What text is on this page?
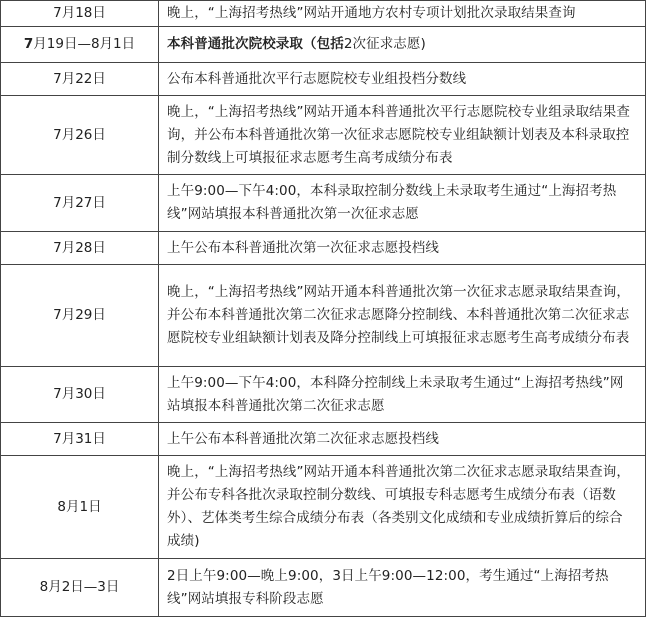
7月18日	晚上，“上海招考热线”网站开通地方农村专项计划批次录取结果查询
7月19日—8月1日	本科普通批次院校录取（包括2次征求志愿)
7月22日	公布本科普通批次平行志愿院校专业组投档分数线
7月26日	晚上，“上海招考热线”网站开通本科普通批次平行志愿院校专业组录取结果查询，并公布本科普通批次第一次征求志愿院校专业组缺额计划表及本科录取控制分数线上可填报征求志愿考生高考成绩分布表
7月27日	上午9:00—下午4:00，本科录取控制分数线上未录取考生通过“上海招考热线”网站填报本科普通批次第一次征求志愿
7月28日	上午公布本科普通批次第一次征求志愿投档线
7月29日	晚上，“上海招考热线”网站开通本科普通批次第一次征求志愿录取结果查询，并公布本科普通批次第二次征求志愿降分控制线、本科普通批次第二次征求志愿院校专业组缺额计划表及降分控制线上可填报征求志愿考生高考成绩分布表
7月30日	上午9:00—下午4:00，本科降分控制线上未录取考生通过“上海招考热线”网站填报本科普通批次第二次征求志愿
7月31日	上午公布本科普通批次第二次征求志愿投档线
8月1日	晚上，“上海招考热线”网站开通本科普通批次第二次征求志愿录取结果查询，并公布专科各批次录取控制分数线、可填报专科志愿考生成绩分布表（语数外）、艺体类考生综合成绩分布表（各类别文化成绩和专业成绩折算后的综合成绩)
8月2日—3日	2日上午9:00—晚上9:00，3日上午9:00—12:00，考生通过“上海招考热线”网站填报专科阶段志愿
